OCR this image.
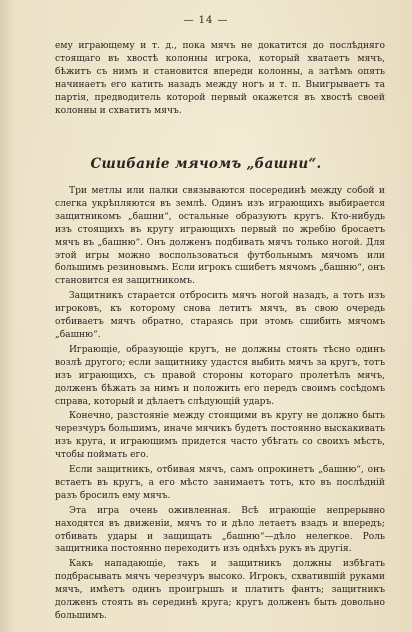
— 14 —

ему играющему и т. д., пока мячъ не докатится до послѣдняго стоящаго въ хвостѣ колонны игрока, который хватаетъ мячъ, бѣжитъ съ нимъ и становится впереди колонны, а затѣмъ опять начинаетъ его катить назадъ между ногъ и т. п. Выигрываетъ та партія, предводитель которой первый окажется въ хвостѣ своей колонны и схватитъ мячъ.

Сшибаніе мячомъ „башни“.

Три метлы или палки связываются посерединѣ между собой и слегка укрѣпляются въ землѣ. Одинъ изъ играющихъ выбирается защитникомъ „башни“, остальные образуютъ кругъ. Кто-нибудь изъ стоящихъ въ кругу играющихъ первый по жребію бросаетъ мячъ въ „башню“. Онъ долженъ подбивать мячъ только ногой. Для этой игры можно воспользоваться футбольнымъ мячомъ или большимъ резиновымъ. Если игрокъ сшибетъ мячомъ „башню“, онъ становится ея защитникомъ.

Защитникъ старается отбросить мячъ ногой назадъ, а тотъ изъ игроковъ, къ которому снова летитъ мячъ, въ свою очередь отбиваетъ мячъ обратно, стараясь при этомъ сшибить мячомъ „башню“.

Играющіе, образующіе кругъ, не должны стоять тѣсно одинъ возлѣ другого; если защитнику удастся выбить мячъ за кругъ, тотъ изъ играющихъ, съ правой стороны котораго пролетѣлъ мячъ, долженъ бѣжать за нимъ и положить его передъ своимъ сосѣдомъ справа, который и дѣлаетъ слѣдующій ударъ.

Конечно, разстояніе между стоящими въ кругу не должно быть черезчуръ большимъ, иначе мячикъ будетъ постоянно выскакивать изъ круга, и играющимъ придется часто убѣгать со своихъ мѣстъ, чтобы поймать его.

Если защитникъ, отбивая мячъ, самъ опрокинетъ „башню“, онъ встаетъ въ кругъ, а его мѣсто занимаетъ тотъ, кто въ послѣдній разъ бросилъ ему мячъ.

Эта игра очень оживленная. Всѣ играющіе непрерывно находятся въ движеніи, мячъ то и дѣло летаетъ взадъ и впередъ; отбивать удары и защищать „башню“—дѣло нелегкое. Роль защитника постоянно переходитъ изъ однѣхъ рукъ въ другія.

Какъ нападающіе, такъ и защитникъ должны избѣгать подбрасывать мячъ черезчуръ высоко. Игрокъ, схватившій руками мячъ, имѣетъ одинъ проигрышъ и платитъ фантъ; защитникъ долженъ стоять въ серединѣ круга; кругъ долженъ быть довольно большимъ.
